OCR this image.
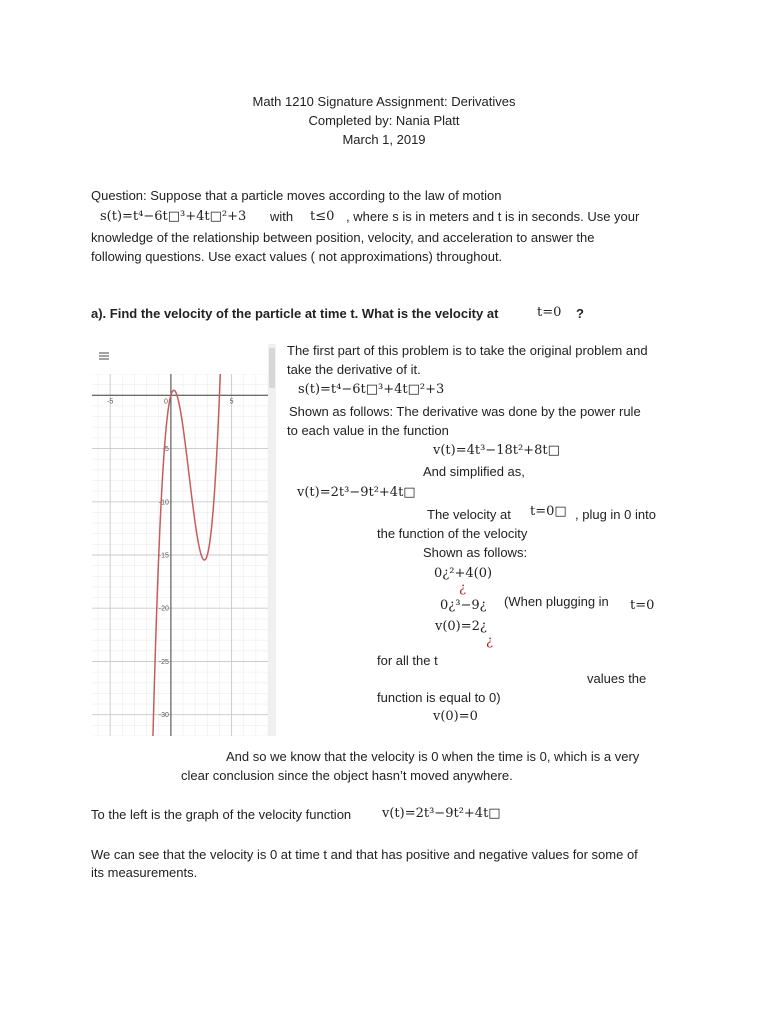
Math 1210 Signature Assignment: Derivatives
Completed by: Nania Platt
March 1, 2019
Question: Suppose that a particle moves according to the law of motion
s(t)=t⁴−6t□³+4t□²+3 with t≤0 , where s is in meters and t is in seconds. Use your
knowledge of the relationship between position, velocity, and acceleration to answer the
following questions. Use exact values ( not approximations) throughout.
a). Find the velocity of the particle at time t. What is the velocity at	t=0 ?
-5	0	5
-5
-10
-15
-20
-25
-30
The first part of this problem is to take the original problem and
take the derivative of it.
s(t)=t⁴−6t□³+4t□²+3
Shown as follows: The derivative was done by the power rule
to each value in the function
v(t)=4t³−18t²+8t□
And simplified as,
v(t)=2t³−9t²+4t□
The velocity at t=0□ , plug in 0 into
the function of the velocity
Shown as follows:
0¿²+4(0)
¿
0¿³−9¿ (When plugging in t=0
v(0)=2¿
¿
for all the t
values the
function is equal to 0)
v(0)=0
And so we know that the velocity is 0 when the time is 0, which is a very
clear conclusion since the object hasn’t moved anywhere.
To the left is the graph of the velocity function v(t)=2t³−9t²+4t□
We can see that the velocity is 0 at time t and that has positive and negative values for some of
its measurements.
